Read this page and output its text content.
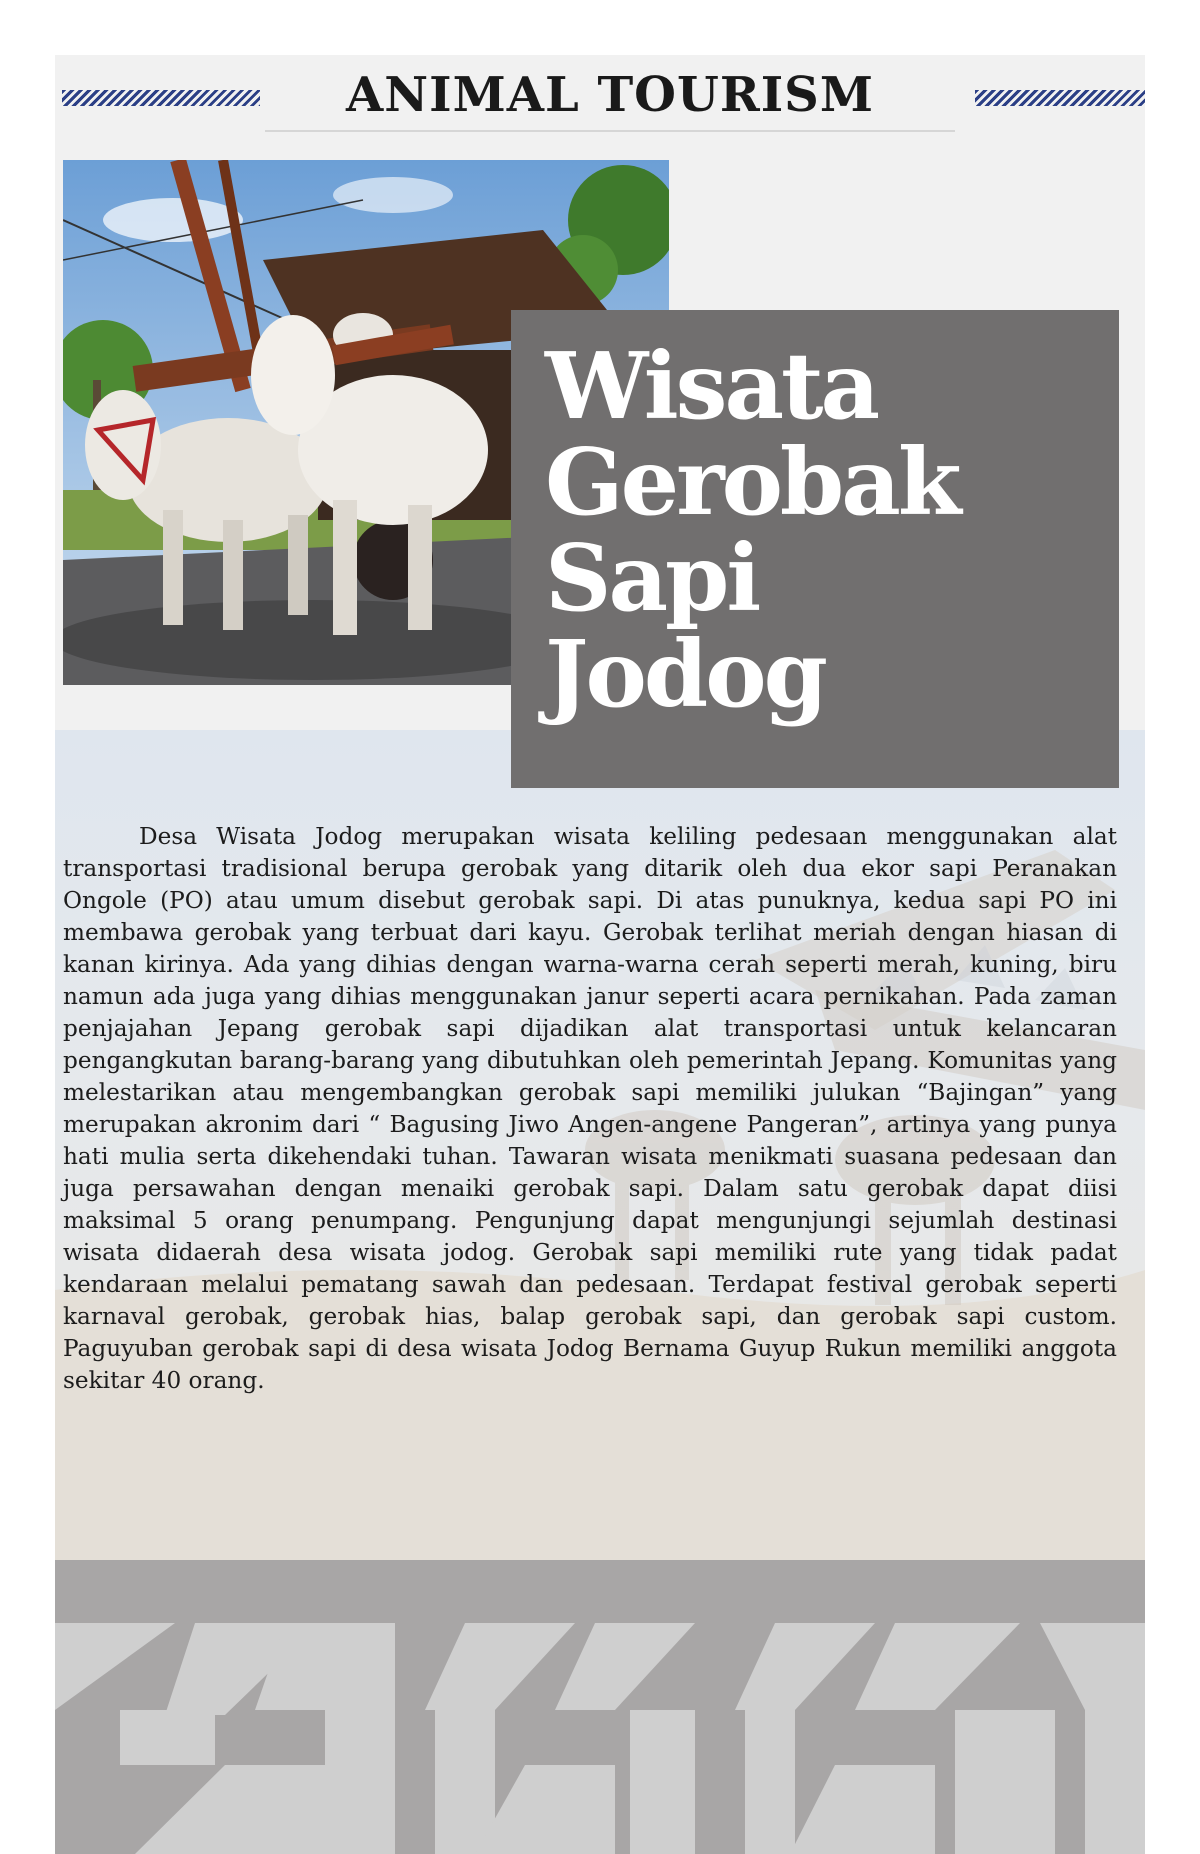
ANIMAL TOURISM
Wisata
Gerobak
Sapi
Jodog

Desa Wisata Jodog merupakan wisata keliling pedesaan menggunakan alat transportasi tradisional berupa gerobak yang ditarik oleh dua ekor sapi Peranakan Ongole (PO) atau umum disebut gerobak sapi. Di atas punuknya, kedua sapi PO ini membawa gerobak yang terbuat dari kayu. Gerobak terlihat meriah dengan hiasan di kanan kirinya. Ada yang dihias dengan warna-warna cerah seperti merah, kuning, biru namun ada juga yang dihias menggunakan janur seperti acara pernikahan. Pada zaman penjajahan Jepang gerobak sapi dijadikan alat transportasi untuk kelancaran pengangkutan barang-barang yang dibutuhkan oleh pemerintah Jepang. Komunitas yang melestarikan atau mengembangkan gerobak sapi memiliki julukan “Bajingan” yang merupakan akronim dari “ Bagusing Jiwo Angen-angene Pangeran”, artinya yang punya hati mulia serta dikehendaki tuhan. Tawaran wisata menikmati suasana pedesaan dan juga persawahan dengan menaiki gerobak sapi. Dalam satu gerobak dapat diisi maksimal 5 orang penumpang. Pengunjung dapat mengunjungi sejumlah destinasi wisata didaerah desa wisata jodog. Gerobak sapi memiliki rute yang tidak padat kendaraan melalui pematang sawah dan pedesaan. Terdapat festival gerobak seperti karnaval gerobak, gerobak hias, balap gerobak sapi, dan gerobak sapi custom. Paguyuban gerobak sapi di desa wisata Jodog Bernama Guyup Rukun memiliki anggota sekitar 40 orang.
